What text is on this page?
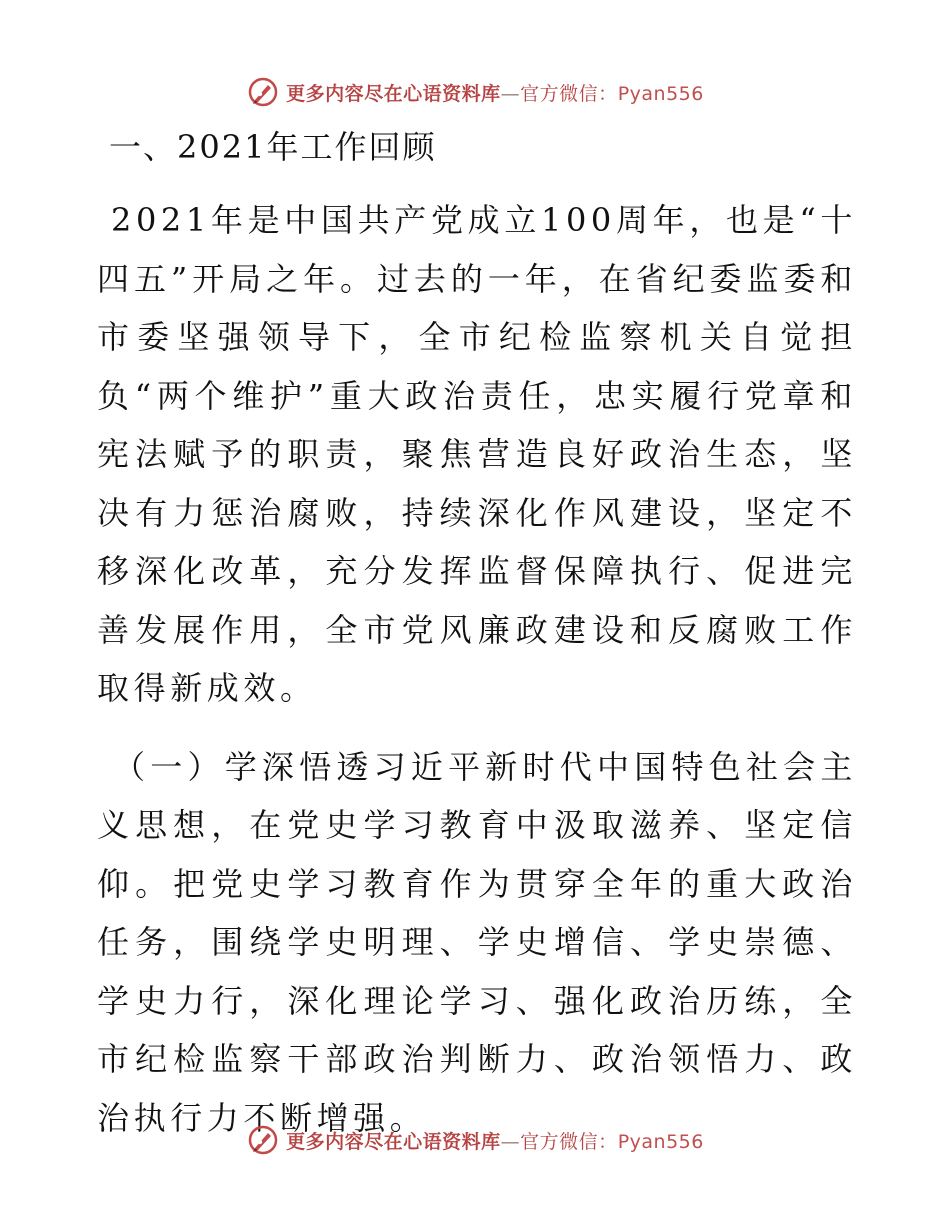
更多内容尽在心语资料库—官方微信：Pyan556
一、2021年工作回顾

2021年是中国共产党成立100周年，也是“十四五”开局之年。过去的一年，在省纪委监委和市委坚强领导下，全市纪检监察机关自觉担负“两个维护”重大政治责任，忠实履行党章和宪法赋予的职责，聚焦营造良好政治生态，坚决有力惩治腐败，持续深化作风建设，坚定不移深化改革，充分发挥监督保障执行、促进完善发展作用，全市党风廉政建设和反腐败工作取得新成效。

（一）学深悟透习近平新时代中国特色社会主义思想，在党史学习教育中汲取滋养、坚定信仰。把党史学习教育作为贯穿全年的重大政治任务，围绕学史明理、学史增信、学史崇德、学史力行，深化理论学习、强化政治历练，全市纪检监察干部政治判断力、政治领悟力、政治执行力不断增强。

更多内容尽在心语资料库—官方微信：Pyan556
